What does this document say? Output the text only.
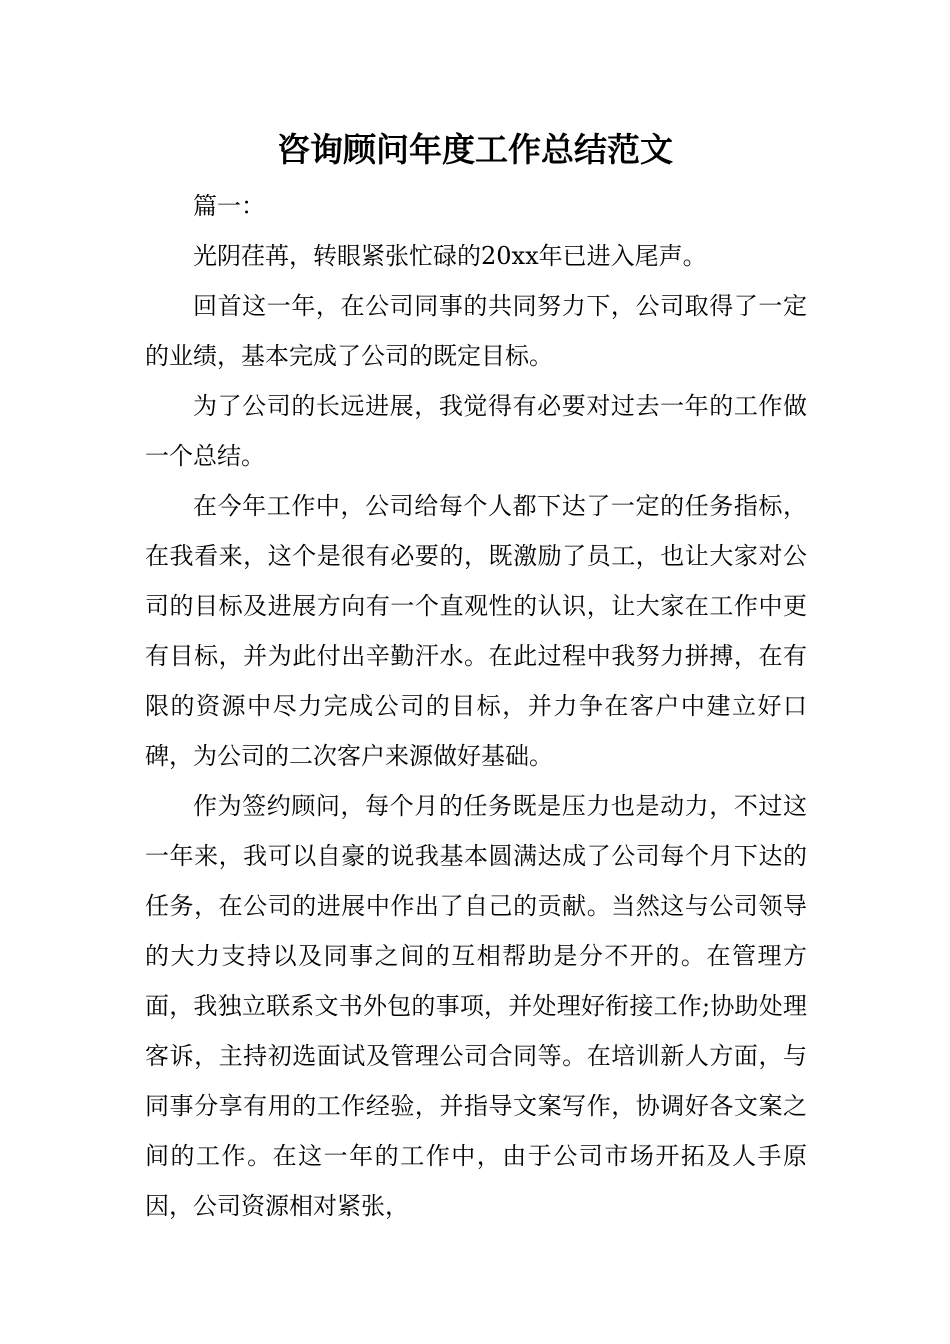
咨询顾问年度工作总结范文

篇一：

光阴荏苒，转眼紧张忙碌的20xx年已进入尾声。

回首这一年，在公司同事的共同努力下，公司取得了一定的业绩，基本完成了公司的既定目标。

为了公司的长远进展，我觉得有必要对过去一年的工作做一个总结。

在今年工作中，公司给每个人都下达了一定的任务指标，在我看来，这个是很有必要的，既激励了员工，也让大家对公司的目标及进展方向有一个直观性的认识，让大家在工作中更有目标，并为此付出辛勤汗水。在此过程中我努力拼搏，在有限的资源中尽力完成公司的目标，并力争在客户中建立好口碑，为公司的二次客户来源做好基础。

作为签约顾问，每个月的任务既是压力也是动力，不过这一年来，我可以自豪的说我基本圆满达成了公司每个月下达的任务，在公司的进展中作出了自己的贡献。当然这与公司领导的大力支持以及同事之间的互相帮助是分不开的。在管理方面，我独立联系文书外包的事项，并处理好衔接工作;协助处理客诉，主持初选面试及管理公司合同等。在培训新人方面，与同事分享有用的工作经验，并指导文案写作，协调好各文案之间的工作。在这一年的工作中，由于公司市场开拓及人手原因，公司资源相对紧张，
